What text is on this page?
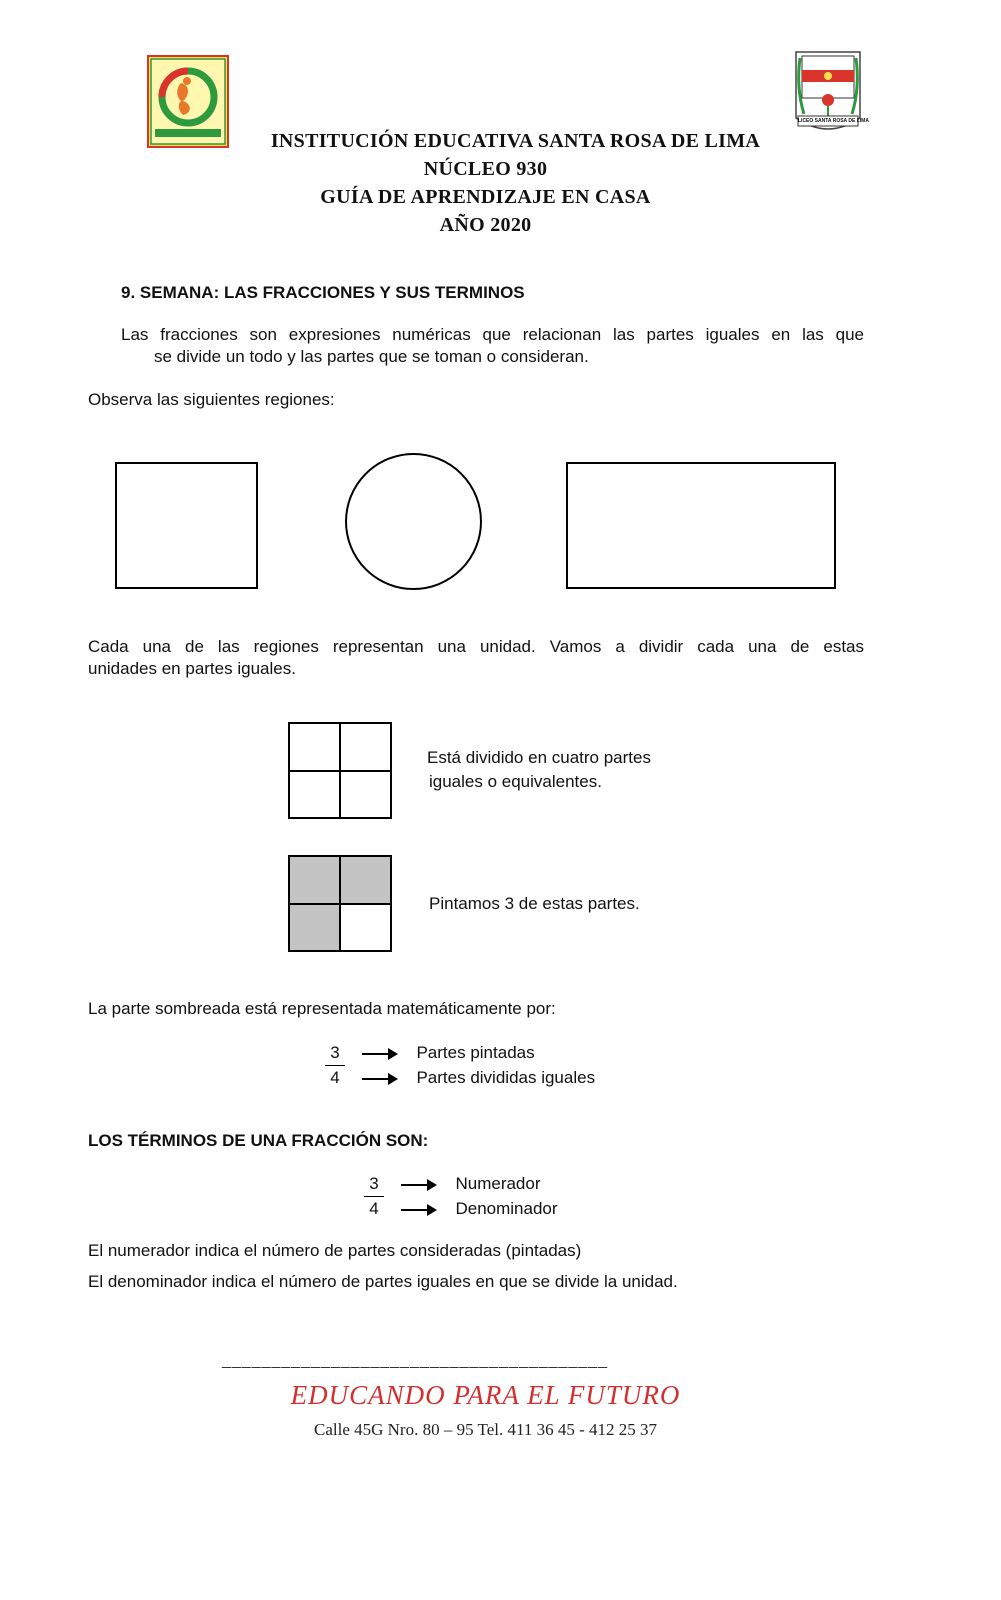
LICEO SANTA ROSA DE LIMA
INSTITUCIÓN EDUCATIVA SANTA ROSA DE LIMA
NÚCLEO 930
GUÍA DE APRENDIZAJE EN CASA
AÑO 2020
9. SEMANA: LAS FRACCIONES Y SUS TERMINOS
Las fracciones son expresiones numéricas que relacionan las partes iguales en las que
se divide un todo y las partes que se toman o consideran.
Observa las siguientes regiones:
Cada una de las regiones representan una unidad. Vamos a dividir cada una de estas
unidades en partes iguales.
Está dividido en cuatro partes
iguales o equivalentes.
Pintamos 3 de estas partes.
La parte sombreada está representada matemáticamente por:
3	Partes pintadas
4	Partes divididas iguales
LOS TÉRMINOS DE UNA FRACCIÓN SON:
3	Numerador
4	Denominador
El numerador indica el número de partes consideradas (pintadas)
El denominador indica el número de partes iguales en que se divide la unidad.
_______________________________________
EDUCANDO PARA EL FUTURO
Calle 45G Nro. 80 – 95 Tel. 411 36 45 - 412 25 37
